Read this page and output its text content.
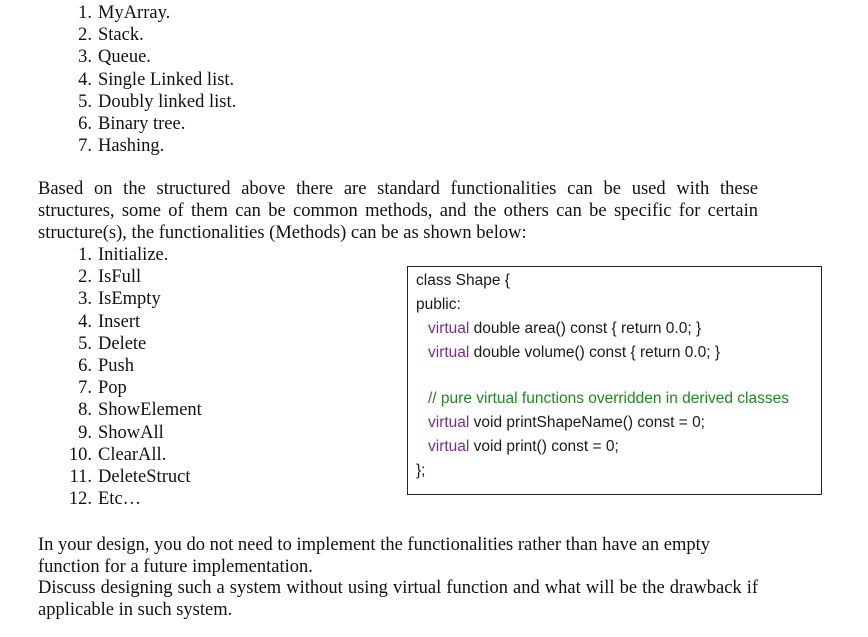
1. MyArray.
2. Stack.
3. Queue.
4. Single Linked list.
5. Doubly linked list.
6. Binary tree.
7. Hashing.

Based on the structured above there are standard functionalities can be used with these structures, some of them can be common methods, and the others can be specific for certain structure(s), the functionalities (Methods) can be as shown below:

1. Initialize.
2. IsFull
3. IsEmpty
4. Insert
5. Delete
6. Push
7. Pop
8. ShowElement
9. ShowAll
10. ClearAll.
11. DeleteStruct
12. Etc…
class Shape {
public:
virtual double area() const { return 0.0; }
virtual double volume() const { return 0.0; }
// pure virtual functions overridden in derived classes
virtual void printShapeName() const = 0;
virtual void print() const = 0;
};

In your design, you do not need to implement the functionalities rather than have an empty function for a future implementation.

Discuss designing such a system without using virtual function and what will be the drawback if applicable in such system.
